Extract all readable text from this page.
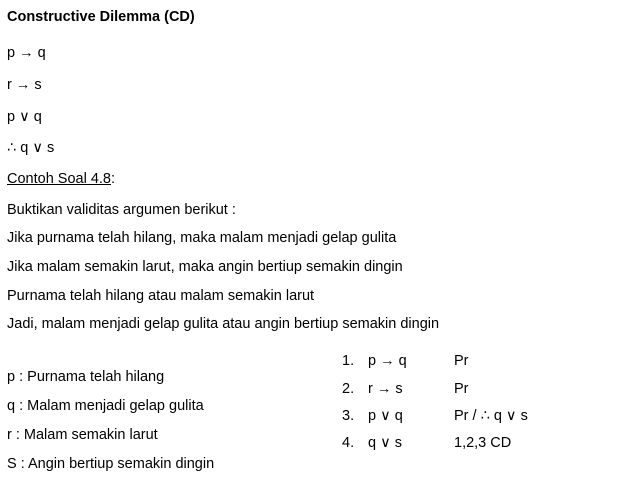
Constructive Dilemma (CD)
p → q
r → s
p ∨ q
∴ q ∨ s
Contoh Soal 4.8:
Buktikan validitas argumen berikut :
Jika purnama telah hilang, maka malam menjadi gelap gulita
Jika malam semakin larut, maka angin bertiup semakin dingin
Purnama telah hilang atau malam semakin larut
Jadi, malam menjadi gelap gulita atau angin bertiup semakin dingin
p : Purnama telah hilang
q : Malam menjadi gelap gulita
r : Malam semakin larut
S : Angin bertiup semakin dingin
1. p → q	Pr
2. r → s	Pr
3. p ∨ q	Pr / ∴ q ∨ s
4. q ∨ s	1,2,3 CD
